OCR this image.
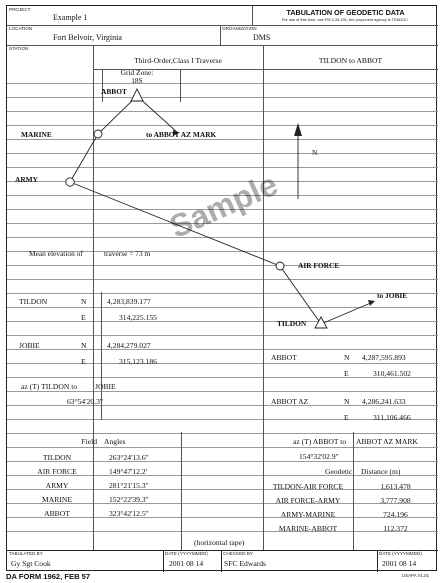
PROJECT
Example 1
TABULATION OF GEODETIC DATA
For use of this form, see FM 3-34.331; the proponent agency is TRADOC.
LOCATION
Fort Belvoir, Virginia
ORGANIZATION
DMS
STATION
Third-Order,Class I Traverse	TILDON to ABBOT
Grid Zone:
18S
ABBOT
MARINE	to ABBOT AZ MARK
ARMY
N
AIR FORCE
to JOBIE
TILDON
Mean elevation of	traverse = 73 m
Sample
TILDON	N	4,283,839.177
E	314,225.155
JOBIE	N	4,284,279.027
E	315,123.186
az (T) TILDON to JOBIE
63°54'20.3"
ABBOT	N 4,287,595.893
E	310,461.502
ABBOT AZ	N 4,286,241.633
E	311,106.466
az (T) ABBOT to ABBOT AZ MARK
154°32'02.9"
Field Angles
TILDON	263°24'13.6"
AIR FORCE	149°47'12.2'
ARMY	281°21'15.3"
MARINE	152°22'39.3"
ABBOT	323°42'12.5"
(horizontal tape)
Geodetic Distance (m)
TILDON-AIR FORCE	1,613.478
AIR FORCE-ARMY	3,777.908
ARMY-MARINE	724.196
MARINE-ABBOT	112.372
TABULATED BY
Gy Sgt Cook
DATE (YYYYMMDD)
2001 08 14
CHECKED BY
SFC Edwards
DATE (YYYYMMDD)
2001 08 14
DA FORM 1962, FEB 57	USAPA V1.01
